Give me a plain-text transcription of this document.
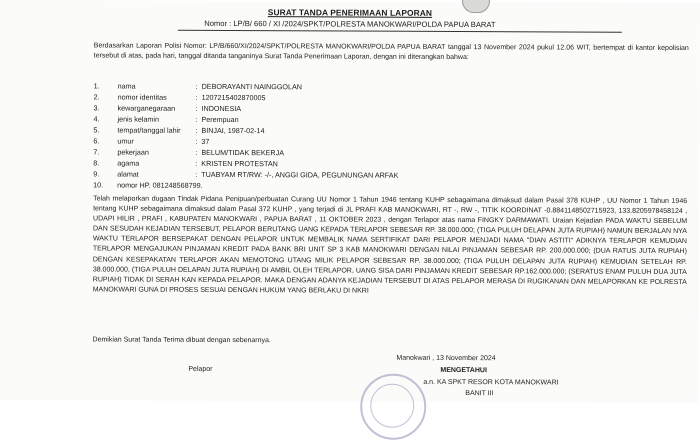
SURAT TANDA PENERIMAAN LAPORAN
Nomor : LP/B/ 660 / XI /2024/SPKT/POLRESTA MANOKWARI/POLDA PAPUA BARAT
Berdasarkan Laporan Polisi Nomor: LP/B/660/XI/2024/SPKT/POLRESTA MANOKWARI/POLDA PAPUA BARAT tanggal 13 November 2024 pukul 12.06 WIT, bertempat di kantor kepolisian tersebut di atas, pada hari, tanggal ditanda tanganinya Surat Tanda Penerimaan Laporan, dengan ini diterangkan bahwa:
1. nama	: DEBORAYANTI NAINGGOLAN
2. nomor identitas	: 1207215402870005
3. kewarganegaraan	: INDONESIA
4. jenis kelamin	: Perempuan
5. tempat/tanggal lahir : BINJAI, 1987-02-14
6. umur	: 37
7. pekerjaan	: BELUM/TIDAK BEKERJA
8. agama	: KRISTEN PROTESTAN
9. alamat	: TUABYAM RT/RW: -/-, ANGGI GIDA, PEGUNUNGAN ARFAK
10. nomor HP. 081248568799.
Telah melaporkan dugaan Tindak Pidana Penipuan/perbuatan Curang UU Nomor 1 Tahun 1946 tentang KUHP sebagaimana dimaksud dalam Pasal 378 KUHP , UU Nomor 1 Tahun 1946 tentang KUHP sebagaimana dimaksud dalam Pasal 372 KUHP , yang terjadi di JL PRAFI KAB MANOKWARI, RT -, RW -, TITIK KOORDINAT -0.8841148502715923, 133.8205978458124 , UDAPI HILIR , PRAFI , KABUPATEN MANOKWARI , PAPUA BARAT , 11 OKTOBER 2023 , dengan Terlapor atas nama FINGKY DARMAWATI. Uraian Kejadian PADA WAKTU SEBELUM DAN SESUDAH KEJADIAN TERSEBUT, PELAPOR BERUTANG UANG KEPADA TERLAPOR SEBESAR RP. 38.000.000; (TIGA PULUH DELAPAN JUTA RUPIAH) NAMUN BERJALAN NYA WAKTU TERLAPOR BERSEPAKAT DENGAN PELAPOR UNTUK MEMBALIK NAMA SERTIFIKAT DARI PELAPOR MENJADI NAMA "DIAN ASTITI" ADIKNYA TERLAPOR KEMUDIAN TERLAPOR MENGAJUKAN PINJAMAN KREDIT PADA BANK BRI UNIT SP 3 KAB MANOKWARI DENGAN NILAI PINJAMAN SEBESAR RP. 200.000.000; (DUA RATUS JUTA RUPIAH) DENGAN KESEPAKATAN TERLAPOR AKAN MEMOTONG UTANG MILIK PELAPOR SEBESAR RP. 38.000.000; (TIGA PULUH DELAPAN JUTA RUPIAH) KEMUDIAN SETELAH RP. 38.000.000, (TIGA PULUH DELAPAN JUTA RUPIAH) DI AMBIL OLEH TERLAPOR, UANG SISA DARI PINJAMAN KREDIT SEBESAR RP.162.000.000; (SERATUS ENAM PULUH DUA JUTA RUPIAH) TIDAK DI SERAH KAN KEPADA PELAPOR. MAKA DENGAN ADANYA KEJADIAN TERSEBUT DI ATAS PELAPOR MERASA DI RUGIKANAN DAN MELAPORKAN KE POLRESTA MANOKWARI GUNA DI PROSES SESUAI DENGAN HUKUM YANG BERLAKU DI NKRI
Demikian Surat Tanda Terima dibuat dengan sebenarnya.
Manokwari , 13 November 2024
Pelapor	MENGETAHUI
a.n. KA SPKT RESOR KOTA MANOKWARI
BANIT III
